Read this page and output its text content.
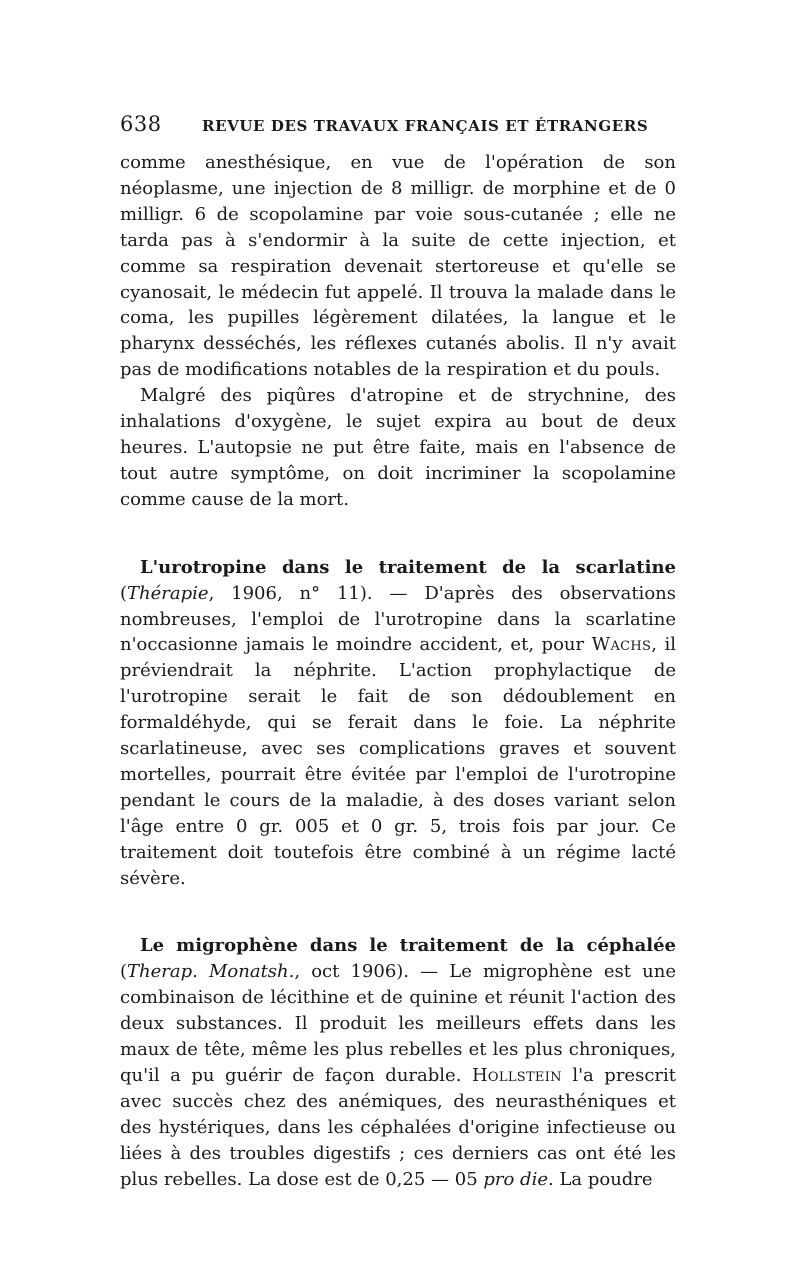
638	REVUE DES TRAVAUX FRANÇAIS ET ÉTRANGERS

comme anesthésique, en vue de l'opération de son néoplasme, une injection de 8 milligr. de morphine et de 0 milligr. 6 de scopolamine par voie sous-cutanée ; elle ne tarda pas à s'endormir à la suite de cette injection, et comme sa respiration devenait stertoreuse et qu'elle se cyanosait, le médecin fut appelé. Il trouva la malade dans le coma, les pupilles légèrement dilatées, la langue et le pharynx desséchés, les réflexes cutanés abolis. Il n'y avait pas de modifications notables de la respiration et du pouls.

Malgré des piqûres d'atropine et de strychnine, des inhalations d'oxygène, le sujet expira au bout de deux heures. L'autopsie ne put être faite, mais en l'absence de tout autre symptôme, on doit incriminer la scopolamine comme cause de la mort.

L'urotropine dans le traitement de la scarlatine (Thérapie, 1906, n° 11). — D'après des observations nombreuses, l'emploi de l'urotropine dans la scarlatine n'occasionne jamais le moindre accident, et, pour Wachs, il préviendrait la néphrite. L'action prophylactique de l'urotropine serait le fait de son dédoublement en formaldéhyde, qui se ferait dans le foie. La néphrite scarlatineuse, avec ses complications graves et souvent mortelles, pourrait être évitée par l'emploi de l'urotropine pendant le cours de la maladie, à des doses variant selon l'âge entre 0 gr. 005 et 0 gr. 5, trois fois par jour. Ce traitement doit toutefois être combiné à un régime lacté sévère.

Le migrophène dans le traitement de la céphalée (Therap. Monatsh., oct 1906). — Le migrophène est une combinaison de lécithine et de quinine et réunit l'action des deux substances. Il produit les meilleurs effets dans les maux de tête, même les plus rebelles et les plus chroniques, qu'il a pu guérir de façon durable. Hollstein l'a prescrit avec succès chez des anémiques, des neurasthéniques et des hystériques, dans les céphalées d'origine infectieuse ou liées à des troubles digestifs ; ces derniers cas ont été les plus rebelles. La dose est de 0,25 — 05 pro die. La poudre
